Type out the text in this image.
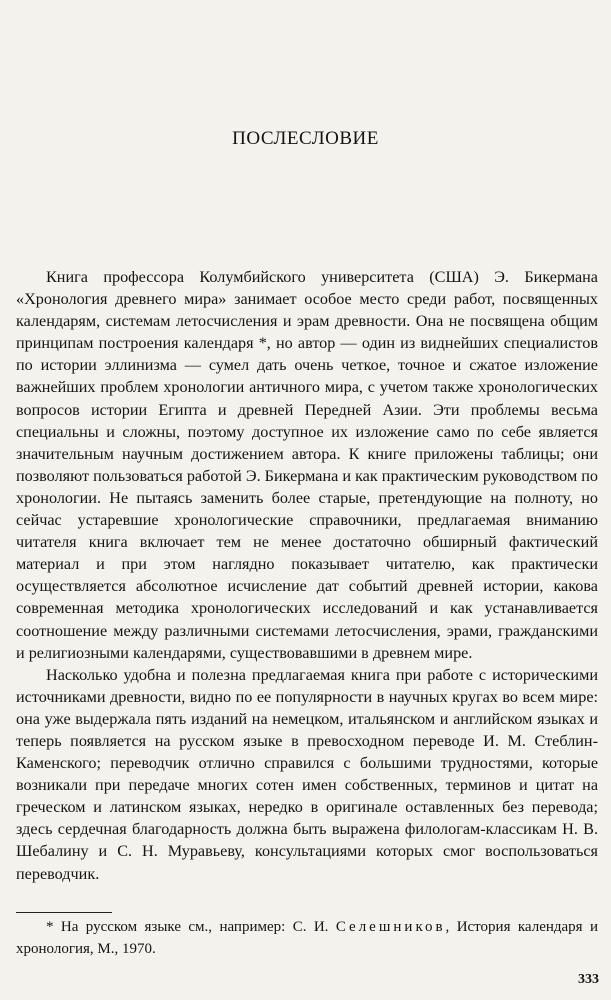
ПОСЛЕСЛОВИЕ

Книга профессора Колумбийского университета (США) Э. Бикермана «Хронология древнего мира» занимает особое место среди работ, посвященных календарям, системам летосчисления и эрам древности. Она не посвящена общим принципам построения календаря *, но автор — один из виднейших специалистов по истории эллинизма — сумел дать очень четкое, точное и сжатое изложение важнейших проблем хронологии античного мира, с учетом также хронологических вопросов истории Египта и древней Передней Азии. Эти проблемы весьма специальны и сложны, поэтому доступное их изложение само по себе является значительным научным достижением автора. К книге приложены таблицы; они позволяют пользоваться работой Э. Бикермана и как практическим руководством по хронологии. Не пытаясь заменить более старые, претендующие на полноту, но сейчас устаревшие хронологические справочники, предлагаемая вниманию читателя книга включает тем не менее достаточно обширный фактический материал и при этом наглядно показывает читателю, как практически осуществляется абсолютное исчисление дат событий древней истории, какова современная методика хронологических исследований и как устанавливается соотношение между различными системами летосчисления, эрами, гражданскими и религиозными календарями, существовавшими в древнем мире.

Насколько удобна и полезна предлагаемая книга при работе с историческими источниками древности, видно по ее популярности в научных кругах во всем мире: она уже выдержала пять изданий на немецком, итальянском и английском языках и теперь появляется на русском языке в превосходном переводе И. М. Стеблин-Каменского; переводчик отлично справился с большими трудностями, которые возникали при передаче многих сотен имен собственных, терминов и цитат на греческом и латинском языках, нередко в оригинале оставленных без перевода; здесь сердечная благодарность должна быть выражена филологам-классикам Н. В. Шебалину и С. Н. Муравьеву, консультациями которых смог воспользоваться переводчик.

* На русском языке см., например: С. И. Селешников, История календаря и хронология, М., 1970.

333
